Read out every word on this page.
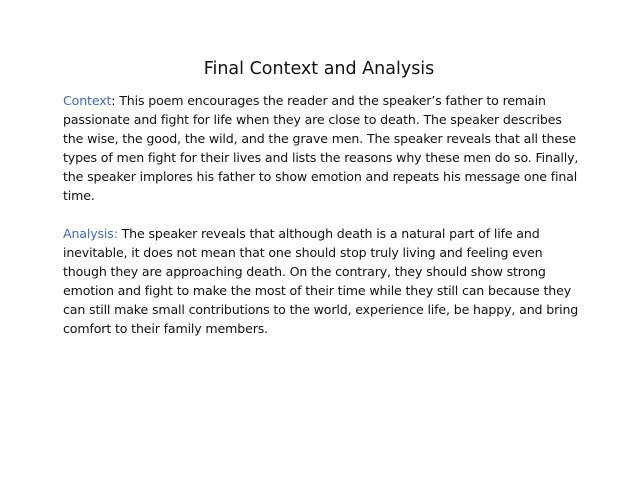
Final Context and Analysis

Context: This poem encourages the reader and the speaker’s father to remain passionate and fight for life when they are close to death. The speaker describes the wise, the good, the wild, and the grave men. The speaker reveals that all these types of men fight for their lives and lists the reasons why these men do so. Finally, the speaker implores his father to show emotion and repeats his message one final time.

Analysis: The speaker reveals that although death is a natural part of life and inevitable, it does not mean that one should stop truly living and feeling even though they are approaching death. On the contrary, they should show strong emotion and fight to make the most of their time while they still can because they can still make small contributions to the world, experience life, be happy, and bring comfort to their family members.
